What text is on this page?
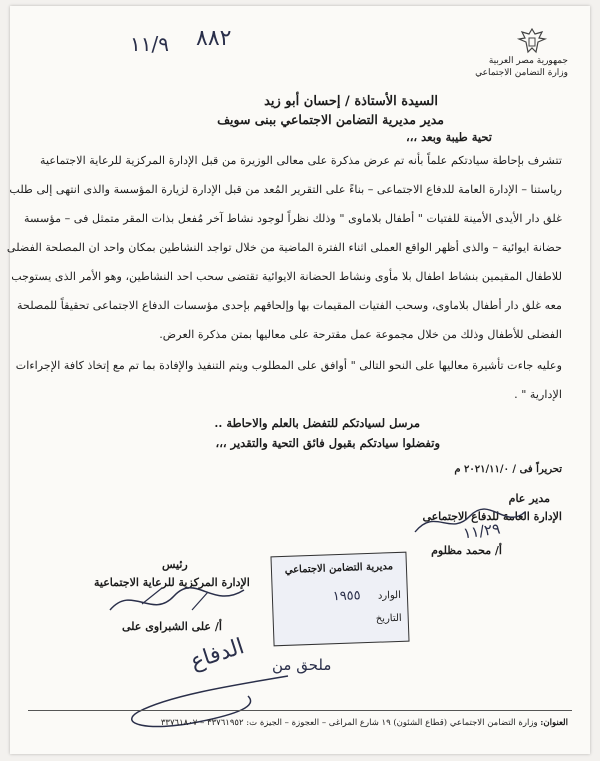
جمهورية مصر العربية
وزارة التضامن الاجتماعي
٨٨٢
١١/٩
السيدة الأستاذة / إحسان أبو زيد
مدير مديرية التضامن الاجتماعي ببنى سويف
تحية طيبة وبعد ،،،
تتشرف بإحاطة سيادتكم علماً بأنه تم عرض مذكرة على معالى الوزيرة من قبل الإدارة المركزية للرعاية الاجتماعية
رياستنا – الإدارة العامة للدفاع الاجتماعى – بناءً على التقرير المُعد من قبل الإدارة لزيارة المؤسسة والذى انتهى إلى طلب
غلق دار الأيدى الأمينة للفتيات " أطفال بلاماوى " وذلك نظراً لوجود نشاط آخر مُفعل بذات المقر متمثل فى – مؤسسة
حضانة ايوائية – والذى أظهر الواقع العملى اثناء الفترة الماضية من خلال تواجد النشاطين بمكان واحد ان المصلحة الفضلى
للاطفال المقيمين بنشاط اطفال بلا مأوى ونشاط الحضانة الايوائية تقتضى سحب احد النشاطين، وهو الأمر الذى يستوجب
معه غلق دار أطفال بلاماوى، وسحب الفتيات المقيمات بها وإلحاقهم بإحدى مؤسسات الدفاع الاجتماعى تحقيقاً للمصلحة
الفضلى للأطفال وذلك من خلال مجموعة عمل مقترحة على معاليها بمتن مذكرة العرض.
وعليه جاءت تأشيرة معاليها على النحو التالى " أوافق على المطلوب ويتم التنفيذ والإفادة بما تم مع إتخاذ كافة الإجراءات
الإدارية " .
مرسل لسيادتكم للتفضل بالعلم والاحاطة ..
وتفضلوا سيادتكم بقبول فائق التحية والتقدير ،،،
تحريراً فى / ٢٠٢١/١١/٠ م
مدير عام
الإدارة العامة للدفاع الاجتماعى
١١/٢٩
أ/ محمد مظلوم
رئيس
الإدارة المركزية للرعاية الاجتماعية
أ/ على الشبراوى على
مديرية التضامن الاجتماعي
الوارد ١٩٥٥
التاريخ
الدفاع ملحق من
العنوان: وزارة التضامن الاجتماعي (قطاع الشئون) ١٩ شارع المراغى – العجوزة – الجيزة ت: ٣٣٧٦١٩٥٢ – ٣٣٧٦١٨٠٧
